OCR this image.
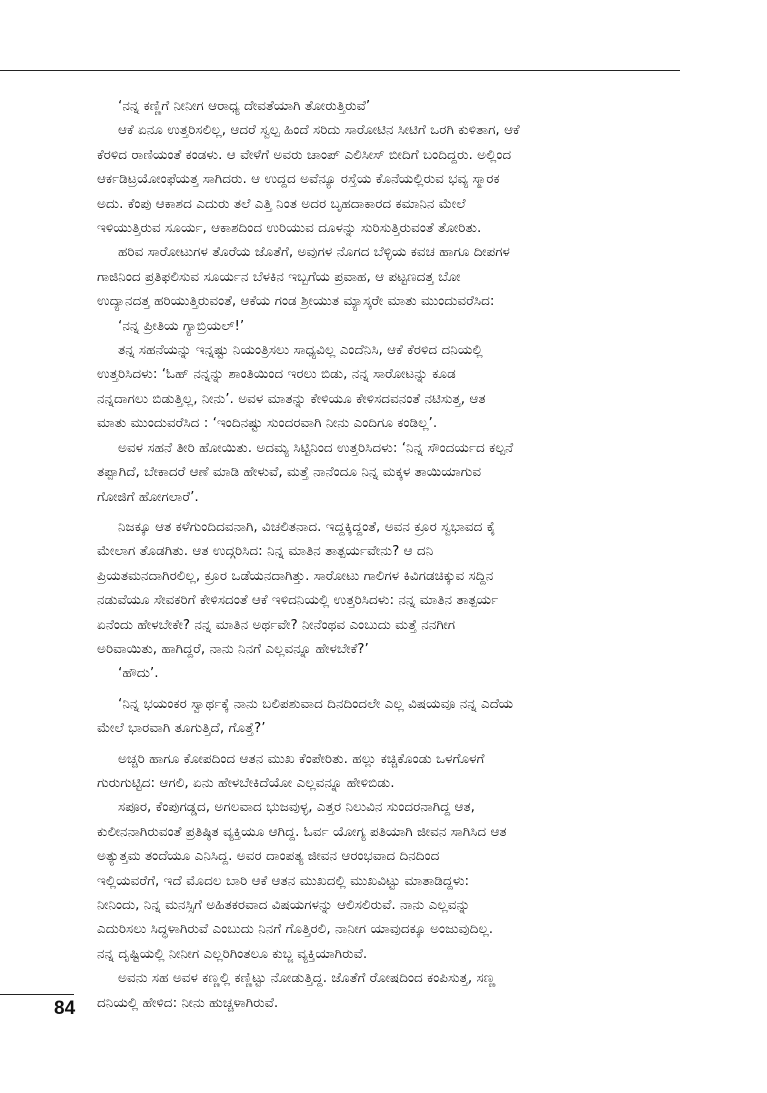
‘ನನ್ನ ಕಣ್ಣಿಗೆ ನೀನೀಗ ಆರಾಧ್ಯ ದೇವತೆಯಾಗಿ ತೋರುತ್ತಿರುವೆ’
ಆಕೆ ಏನೂ ಉತ್ತರಿಸಲಿಲ್ಲ, ಆದರೆ ಸ್ವಲ್ಪ ಹಿಂದೆ ಸರಿದು ಸಾರೋಟಿನ ಸೀಟಿಗೆ ಒರಗಿ ಕುಳಿತಾಗ, ಆಕೆ
ಕೆರಳಿದ ರಾಣಿಯಂತೆ ಕಂಡಳು. ಆ ವೇಳೆಗೆ ಅವರು ಚಾಂಪ್ ಎಲಿಸೀಸ್ ಬೀದಿಗೆ ಬಂದಿದ್ದರು. ಅಲ್ಲಿಂದ
ಆರ್ಕಡಿಟ್ರಯೋಂಫೆಯತ್ತ ಸಾಗಿದರು. ಆ ಉದ್ದದ ಅವೆನ್ಯೂ ರಸ್ತೆಯ ಕೊನೆಯಲ್ಲಿರುವ ಭವ್ಯ ಸ್ಮಾರಕ
ಅದು. ಕೆಂಪು ಆಕಾಶದ ಎದುರು ತಲೆ ಎತ್ತಿ ನಿಂತ ಅದರ ಬೃಹದಾಕಾರದ ಕಮಾನಿನ ಮೇಲೆ
ಇಳಿಯುತ್ತಿರುವ ಸೂರ್ಯ, ಆಕಾಶದಿಂದ ಉರಿಯುವ ದೂಳನ್ನು ಸುರಿಸುತ್ತಿರುವಂತೆ ತೋರಿತು.
ಹರಿವ ಸಾರೋಟುಗಳ ತೊರೆಯ ಜೊತೆಗೆ, ಅವುಗಳ ನೊಗದ ಬೆಳ್ಳಿಯ ಕವಚ ಹಾಗೂ ದೀಪಗಳ
ಗಾಜಿನಿಂದ ಪ್ರತಿಫಲಿಸುವ ಸೂರ್ಯನ ಬೆಳಕಿನ ಇಬ್ಬಗೆಯ ಪ್ರವಾಹ, ಆ ಪಟ್ಟಣದತ್ತ ಬೋ
ಉದ್ಯಾನದತ್ತ ಹರಿಯುತ್ತಿರುವಂತೆ, ಆಕೆಯ ಗಂಡ ಶ್ರೀಯುತ ಮ್ಯಾಸ್ಕರೇ ಮಾತು ಮುಂದುವರೆಸಿದ:
‘ನನ್ನ ಪ್ರೀತಿಯ ಗ್ಯಾಬ್ರಿಯಲ್!’
ತನ್ನ ಸಹನೆಯನ್ನು ಇನ್ನಷ್ಟು ನಿಯಂತ್ರಿಸಲು ಸಾಧ್ಯವಿಲ್ಲ ಎಂದೆನಿಸಿ, ಆಕೆ ಕೆರಳಿದ ದನಿಯಲ್ಲಿ
ಉತ್ತರಿಸಿದಳು: ‘ಓಹ್ ನನ್ನನ್ನು ಶಾಂತಿಯಿಂದ ಇರಲು ಬಿಡು, ನನ್ನ ಸಾರೋಟನ್ನು ಕೂಡ
ನನ್ನದಾಗಲು ಬಿಡುತ್ತಿಲ್ಲ, ನೀನು’. ಅವಳ ಮಾತನ್ನು ಕೇಳಿಯೂ ಕೇಳಿಸದವನಂತೆ ನಟಿಸುತ್ತ, ಆತ
ಮಾತು ಮುಂದುವರೆಸಿದ : ‘ಇಂದಿನಷ್ಟು ಸುಂದರವಾಗಿ ನೀನು ಎಂದಿಗೂ ಕಂಡಿಲ್ಲ’.
ಅವಳ ಸಹನೆ ತೀರಿ ಹೋಯಿತು. ಅದಮ್ಯ ಸಿಟ್ಟಿನಿಂದ ಉತ್ತರಿಸಿದಳು: ‘ನಿನ್ನ ಸೌಂದರ್ಯದ ಕಲ್ಪನೆ
ತಪ್ಪಾಗಿದೆ, ಬೇಕಾದರೆ ಆಣೆ ಮಾಡಿ ಹೇಳುವೆ, ಮತ್ತೆ ನಾನೆಂದೂ ನಿನ್ನ ಮಕ್ಕಳ ತಾಯಿಯಾಗುವ
ಗೋಜಿಗೆ ಹೋಗಲಾರೆ’.
ನಿಜಕ್ಕೂ ಆತ ಕಳೆಗುಂದಿದವನಾಗಿ, ವಿಚಲಿತನಾದ. ಇದ್ದಕ್ಕಿದ್ದಂತೆ, ಅವನ ಕ್ರೂರ ಸ್ವಭಾವದ ಕೈ
ಮೇಲಾಗ ತೊಡಗಿತು. ಆತ ಉದ್ಗರಿಸಿದ: ನಿನ್ನ ಮಾತಿನ ತಾತ್ಪರ್ಯವೇನು? ಆ ದನಿ
ಪ್ರಿಯತಮನದಾಗಿರಲಿಲ್ಲ, ಕ್ರೂರ ಒಡೆಯನದಾಗಿತ್ತು. ಸಾರೋಟು ಗಾಲಿಗಳ ಕಿವಿಗಡಚಿಕ್ಕುವ ಸದ್ದಿನ
ನಡುವೆಯೂ ಸೇವಕರಿಗೆ ಕೇಳಿಸದಂತೆ ಆಕೆ ಇಳಿದನಿಯಲ್ಲಿ ಉತ್ತರಿಸಿದಳು: ನನ್ನ ಮಾತಿನ ತಾತ್ಪರ್ಯ
ಏನೆಂದು ಹೇಳಬೇಕೇ? ನನ್ನ ಮಾತಿನ ಅರ್ಥವೇ? ನೀನೆಂಥವ ಎಂಬುದು ಮತ್ತೆ ನನಗೀಗ
ಅರಿವಾಯಿತು, ಹಾಗಿದ್ದರೆ, ನಾನು ನಿನಗೆ ಎಲ್ಲವನ್ನೂ ಹೇಳಬೇಕೆ?’
‘ಹೌದು’.
‘ನಿನ್ನ ಭಯಂಕರ ಸ್ವಾರ್ಥಕ್ಕೆ ನಾನು ಬಲಿಪಶುವಾದ ದಿನದಿಂದಲೇ ಎಲ್ಲ ವಿಷಯವೂ ನನ್ನ ಎದೆಯ
ಮೇಲೆ ಭಾರವಾಗಿ ತೂಗುತ್ತಿದೆ, ಗೊತ್ತೆ?’
ಅಚ್ಚರಿ ಹಾಗೂ ಕೋಪದಿಂದ ಆತನ ಮುಖ ಕೆಂಪೇರಿತು. ಹಲ್ಲು ಕಚ್ಚಿಕೊಂಡು ಒಳಗೊಳಗೆ
ಗುರುಗುಟ್ಟಿದ: ಆಗಲಿ, ಏನು ಹೇಳಬೇಕಿದೆಯೋ ಎಲ್ಲವನ್ನೂ ಹೇಳಿಬಿಡು.
ಸಪೂರ, ಕೆಂಪುಗಡ್ಡದ, ಅಗಲವಾದ ಭುಜವುಳ್ಳ, ಎತ್ತರ ನಿಲುವಿನ ಸುಂದರನಾಗಿದ್ದ ಆತ,
ಕುಲೀನನಾಗಿರುವಂತೆ ಪ್ರತಿಷ್ಠಿತ ವ್ಯಕ್ತಿಯೂ ಆಗಿದ್ದ. ಓರ್ವ ಯೋಗ್ಯ ಪತಿಯಾಗಿ ಜೀವನ ಸಾಗಿಸಿದ ಆತ
ಅತ್ಯುತ್ತಮ ತಂದೆಯೂ ಎನಿಸಿದ್ದ. ಅವರ ದಾಂಪತ್ಯ ಜೀವನ ಆರಂಭವಾದ ದಿನದಿಂದ
ಇಲ್ಲಿಯವರೆಗೆ, ಇದೆ ಮೊದಲ ಬಾರಿ ಆಕೆ ಆತನ ಮುಖದಲ್ಲಿ ಮುಖವಿಟ್ಟು ಮಾತಾಡಿದ್ದಳು:
ನೀನಿಂದು, ನಿನ್ನ ಮನಸ್ಸಿಗೆ ಅಹಿತಕರವಾದ ವಿಷಯಗಳನ್ನು ಆಲಿಸಲಿರುವೆ. ನಾನು ಎಲ್ಲವನ್ನು
ಎದುರಿಸಲು ಸಿದ್ಧಳಾಗಿರುವೆ ಎಂಬುದು ನಿನಗೆ ಗೊತ್ತಿರಲಿ, ನಾನೀಗ ಯಾವುದಕ್ಕೂ ಅಂಜುವುದಿಲ್ಲ.
ನನ್ನ ದೃಷ್ಟಿಯಲ್ಲಿ ನೀನೀಗ ಎಲ್ಲರಿಗಿಂತಲೂ ಕುಬ್ಜ ವ್ಯಕ್ತಿಯಾಗಿರುವೆ.
ಅವನು ಸಹ ಅವಳ ಕಣ್ಣಲ್ಲಿ ಕಣ್ಣಿಟ್ಟು ನೋಡುತ್ತಿದ್ದ. ಜೊತೆಗೆ ರೋಷದಿಂದ ಕಂಪಿಸುತ್ತ, ಸಣ್ಣ
ದನಿಯಲ್ಲಿ ಹೇಳಿದ: ನೀನು ಹುಚ್ಚಳಾಗಿರುವೆ.
84
